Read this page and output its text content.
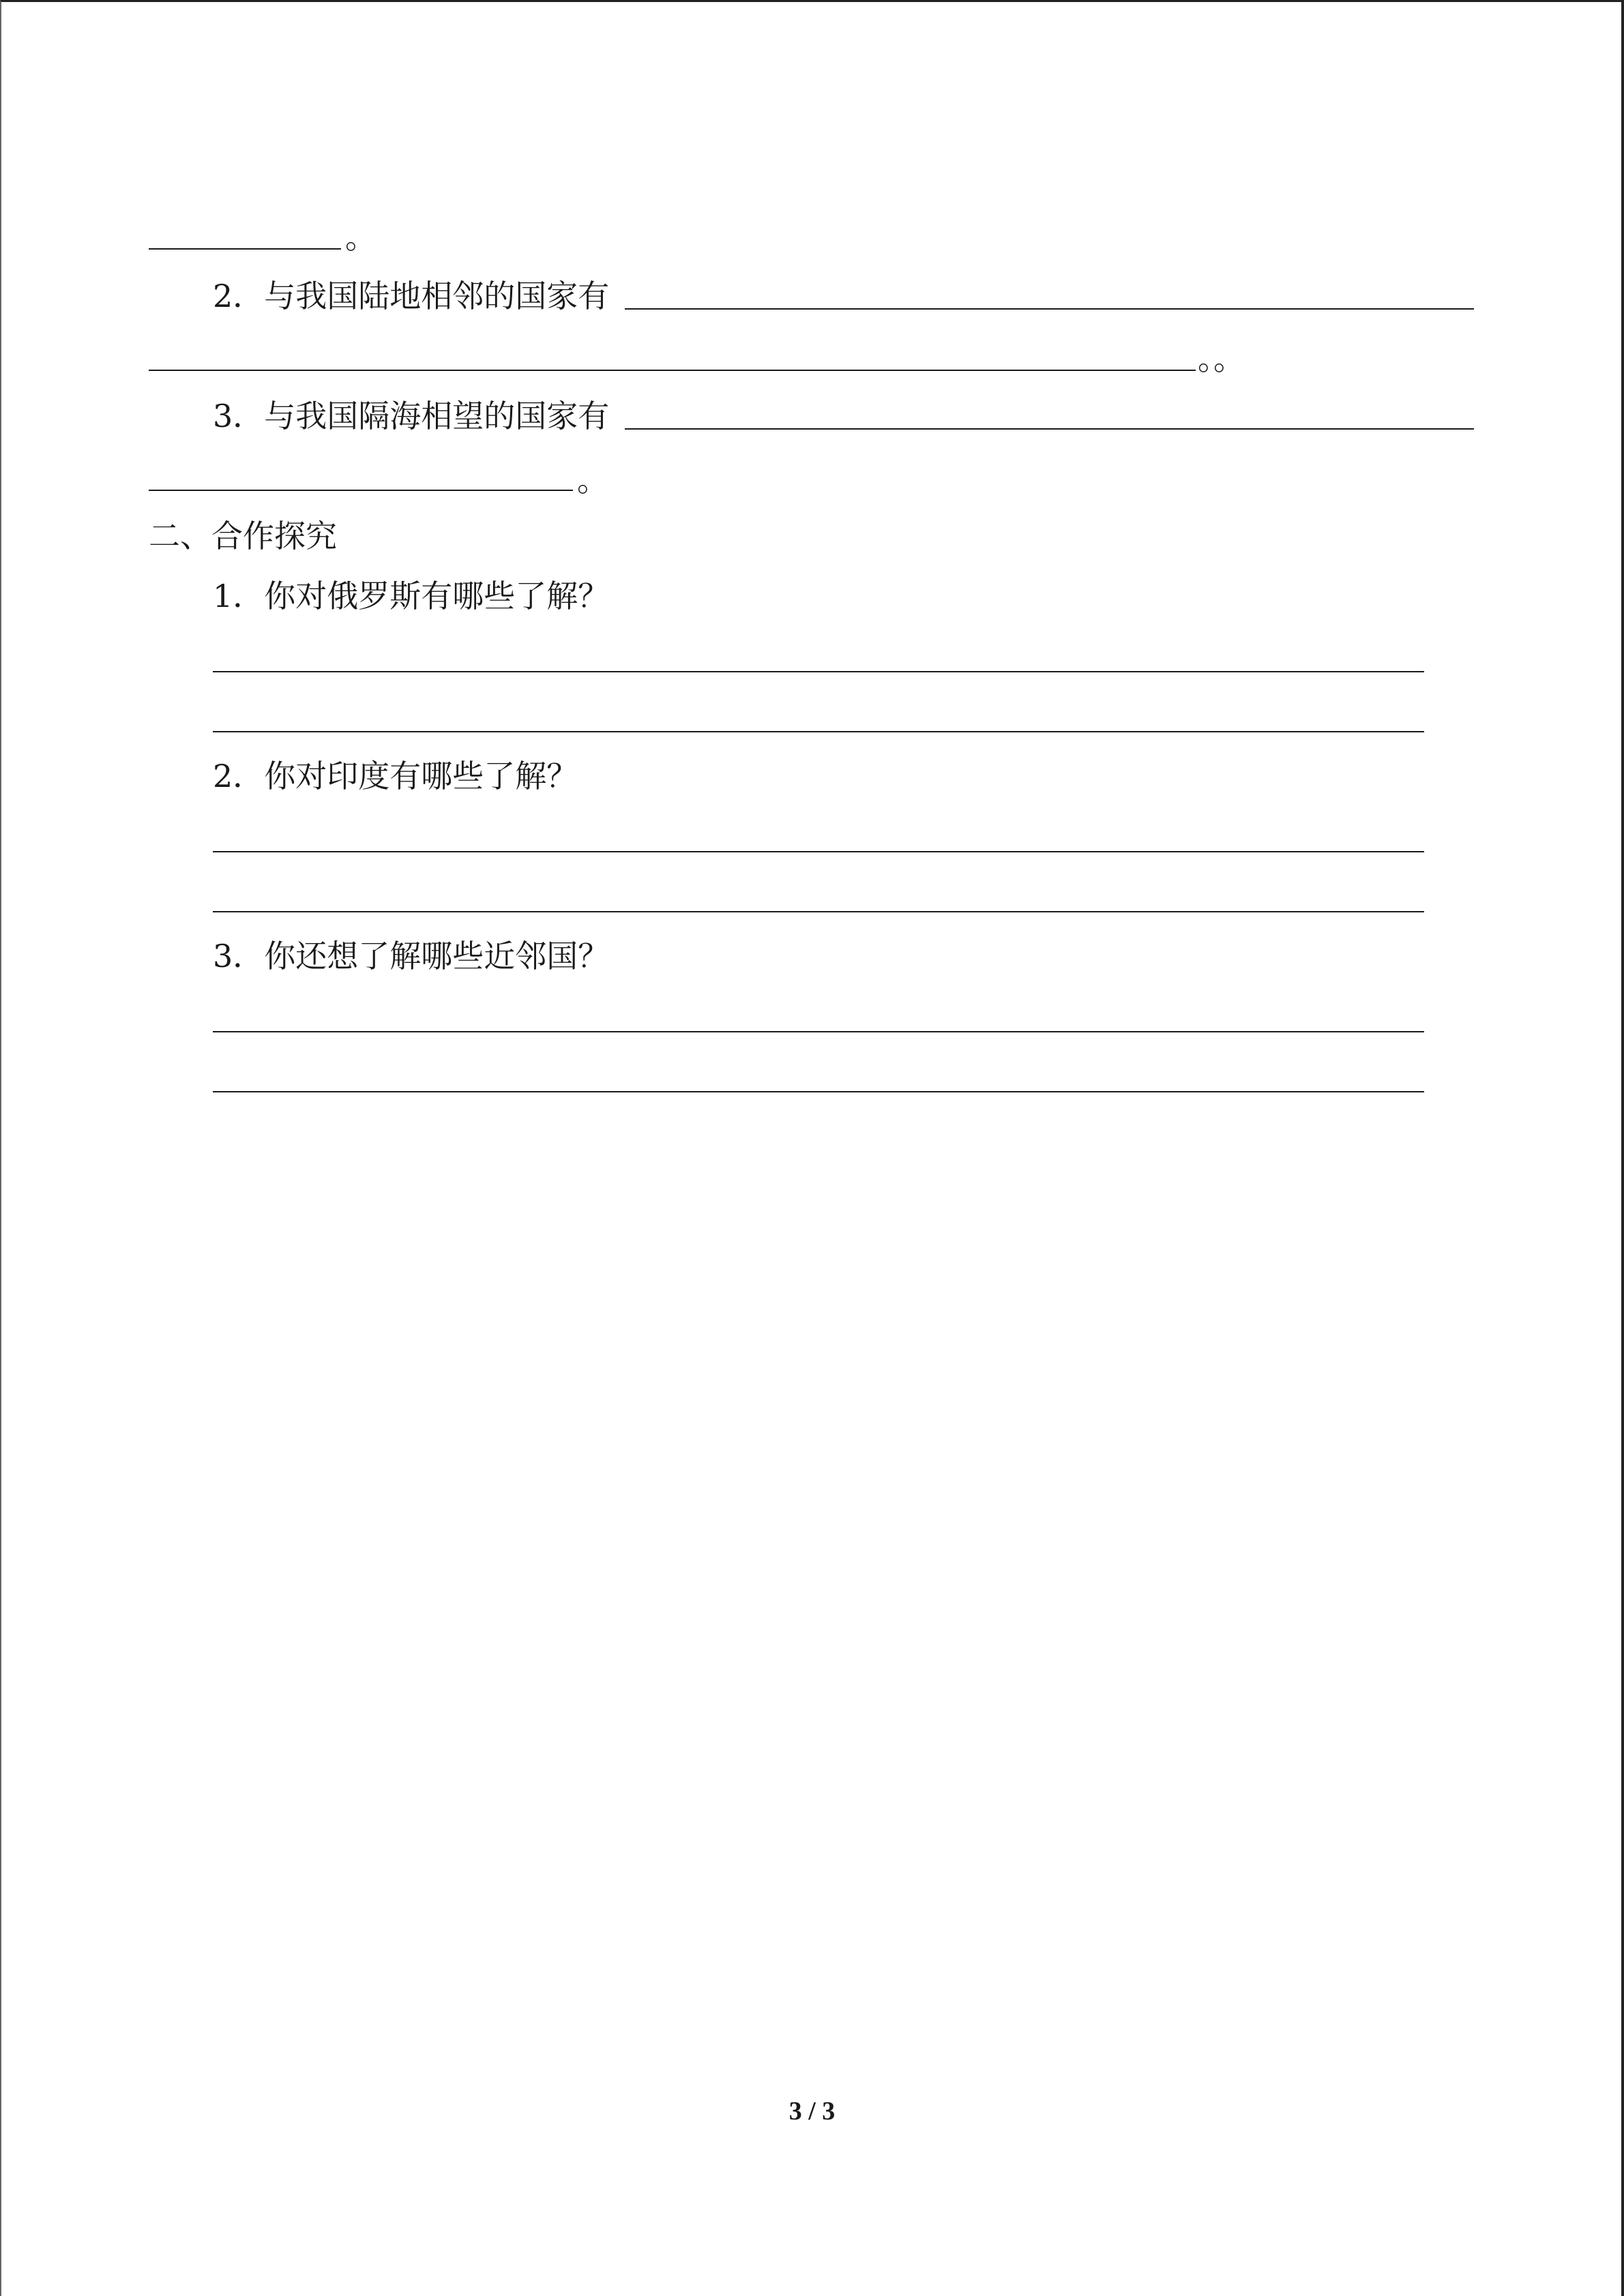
。
2．与我国陆地相邻的国家有
。。
3．与我国隔海相望的国家有
。
二、合作探究
1．你对俄罗斯有哪些了解？
2．你对印度有哪些了解？
3．你还想了解哪些近邻国？
3 / 3
